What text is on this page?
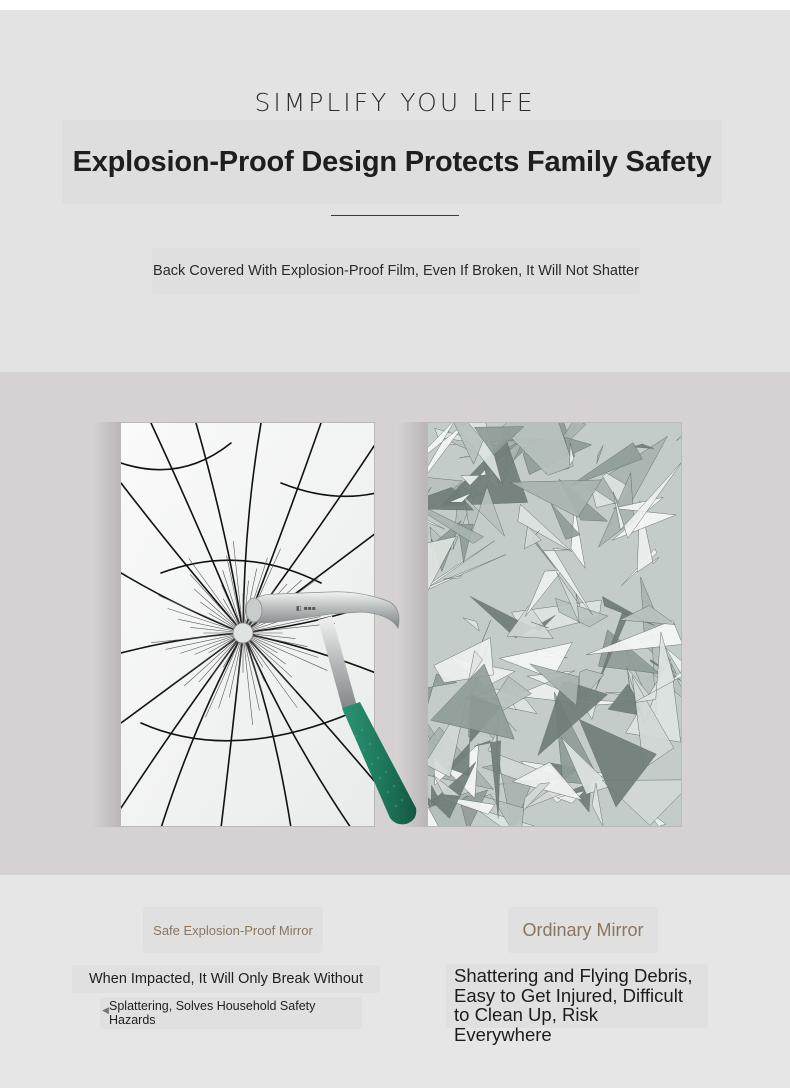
SIMPLIFY YOU LIFE
Explosion-Proof Design Protects Family Safety
Back Covered With Explosion-Proof Film, Even If Broken, It Will Not Shatter
◧ ▪▪▪
Safe Explosion-Proof Mirror
When Impacted, It Will Only Break Without
◀ Splattering, Solves Household Safety Hazards
Ordinary Mirror
Shattering and Flying Debris, Easy to Get Injured, Difficult to Clean Up, Risk Everywhere
